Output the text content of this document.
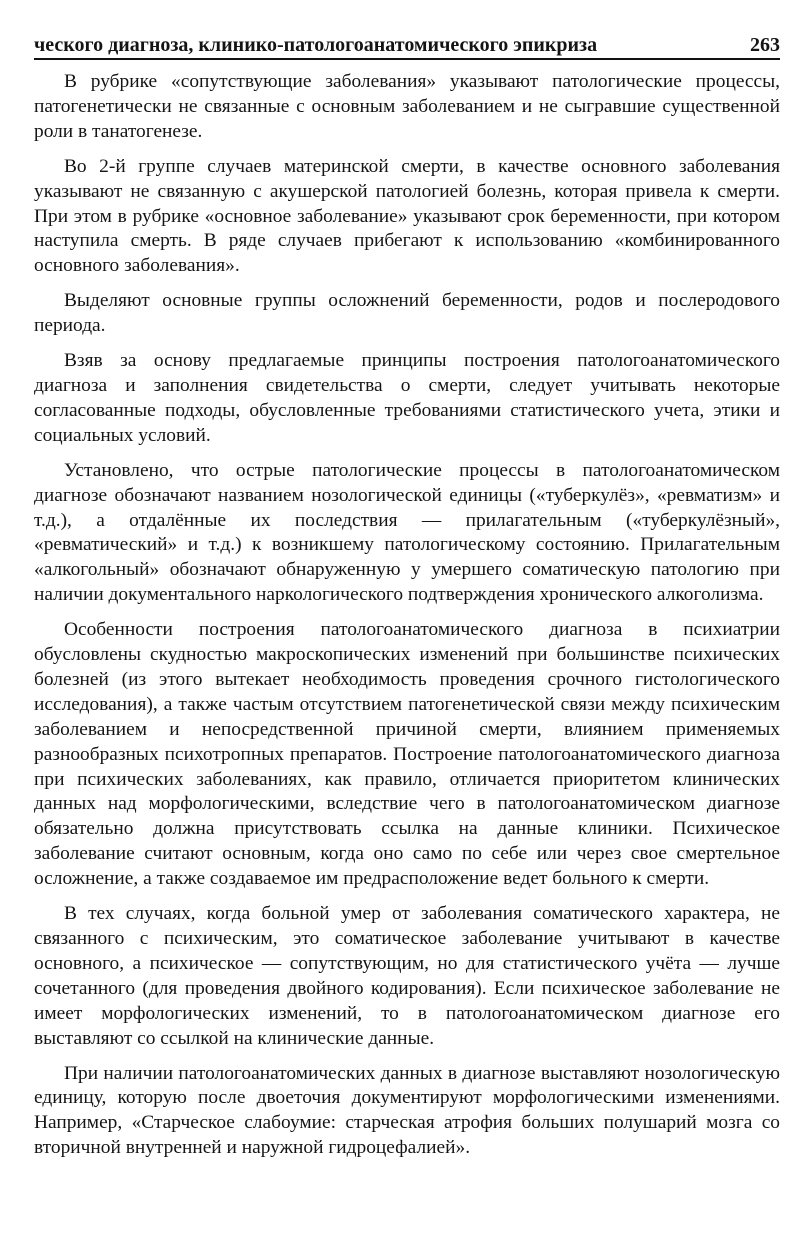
ческого диагноза, клинико-патологоанатомического эпикриза	263

В рубрике «сопутствующие заболевания» указывают патологические процессы, патогенетически не связанные с основным заболеванием и не сыгравшие существенной роли в танатогенезе.

Во 2-й группе случаев материнской смерти, в качестве основного заболевания указывают не связанную с акушерской патологией болезнь, которая привела к смерти. При этом в рубрике «основное заболевание» указывают срок беременности, при котором наступила смерть. В ряде случаев прибегают к использованию «комбинированного основного заболевания».

Выделяют основные группы осложнений беременности, родов и послеродового периода.

Взяв за основу предлагаемые принципы построения патологоанатомического диагноза и заполнения свидетельства о смерти, следует учитывать некоторые согласованные подходы, обусловленные требованиями статистического учета, этики и социальных условий.

Установлено, что острые патологические процессы в патологоанатомическом диагнозе обозначают названием нозологической единицы («туберкулёз», «ревматизм» и т.д.), а отдалённые их последствия — прилагательным («туберкулёзный», «ревматический» и т.д.) к возникшему патологическому состоянию. Прилагательным «алкогольный» обозначают обнаруженную у умершего соматическую патологию при наличии документального наркологического подтверждения хронического алкоголизма.

Особенности построения патологоанатомического диагноза в психиатрии обусловлены скудностью макроскопических изменений при большинстве психических болезней (из этого вытекает необходимость проведения срочного гистологического исследования), а также частым отсутствием патогенетической связи между психическим заболеванием и непосредственной причиной смерти, влиянием применяемых разнообразных психотропных препаратов. Построение патологоанатомического диагноза при психических заболеваниях, как правило, отличается приоритетом клинических данных над морфологическими, вследствие чего в патологоанатомическом диагнозе обязательно должна присутствовать ссылка на данные клиники. Психическое заболевание считают основным, когда оно само по себе или через свое смертельное осложнение, а также создаваемое им предрасположение ведет больного к смерти.

В тех случаях, когда больной умер от заболевания соматического характера, не связанного с психическим, это соматическое заболевание учитывают в качестве основного, а психическое — сопутствующим, но для статистического учёта — лучше сочетанного (для проведения двойного кодирования). Если психическое заболевание не имеет морфологических изменений, то в патологоанатомическом диагнозе его выставляют со ссылкой на клинические данные.

При наличии патологоанатомических данных в диагнозе выставляют нозологическую единицу, которую после двоеточия документируют морфологическими изменениями. Например, «Старческое слабоумие: старческая атрофия больших полушарий мозга со вторичной внутренней и наружной гидроцефалией».
